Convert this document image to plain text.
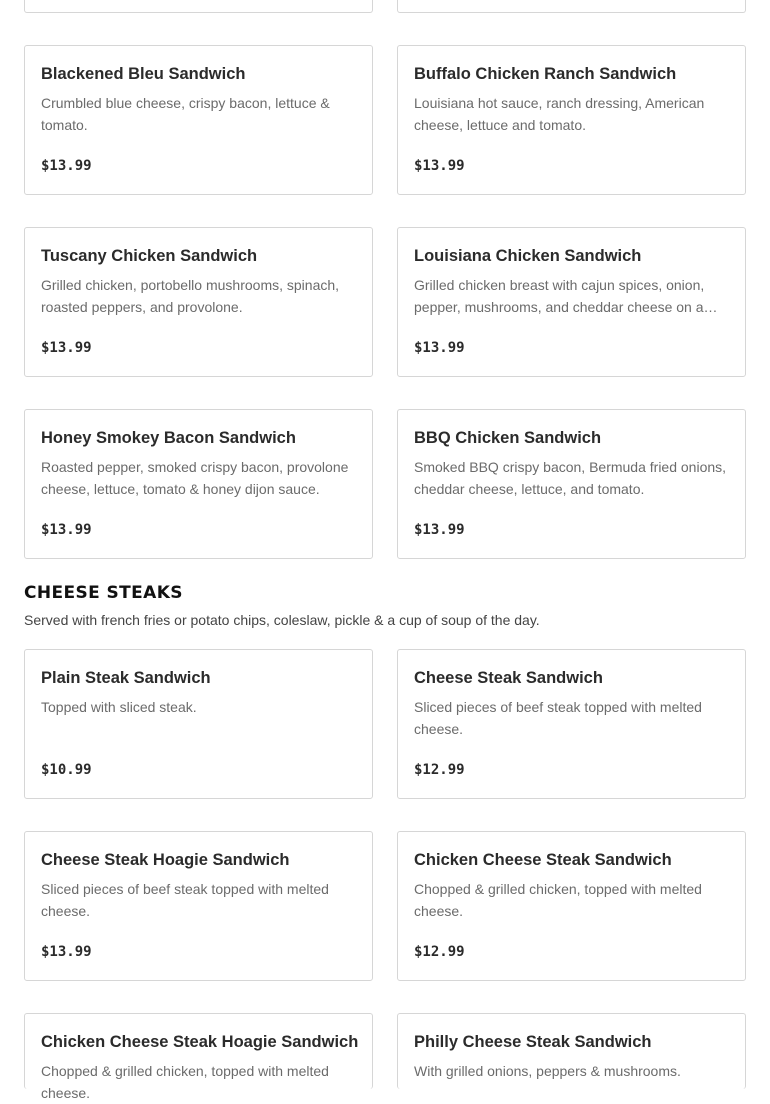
Blackened Bleu Sandwich
Crumbled blue cheese, crispy bacon, lettuce & tomato.
$13.99
Buffalo Chicken Ranch Sandwich
Louisiana hot sauce, ranch dressing, American cheese, lettuce and tomato.
$13.99
Tuscany Chicken Sandwich
Grilled chicken, portobello mushrooms, spinach, roasted peppers, and provolone.
$13.99
Louisiana Chicken Sandwich
Grilled chicken breast with cajun spices, onion, pepper, mushrooms, and cheddar cheese on a…
$13.99
Honey Smokey Bacon Sandwich
Roasted pepper, smoked crispy bacon, provolone cheese, lettuce, tomato & honey dijon sauce.
$13.99
BBQ Chicken Sandwich
Smoked BBQ crispy bacon, Bermuda fried onions, cheddar cheese, lettuce, and tomato.
$13.99
CHEESE STEAKS
Served with french fries or potato chips, coleslaw, pickle & a cup of soup of the day.
Plain Steak Sandwich
Topped with sliced steak.
$10.99
Cheese Steak Sandwich
Sliced pieces of beef steak topped with melted cheese.
$12.99
Cheese Steak Hoagie Sandwich
Sliced pieces of beef steak topped with melted cheese.
$13.99
Chicken Cheese Steak Sandwich
Chopped & grilled chicken, topped with melted cheese.
$12.99
Chicken Cheese Steak Hoagie Sandwich
Chopped & grilled chicken, topped with melted cheese.
Philly Cheese Steak Sandwich
With grilled onions, peppers & mushrooms.
